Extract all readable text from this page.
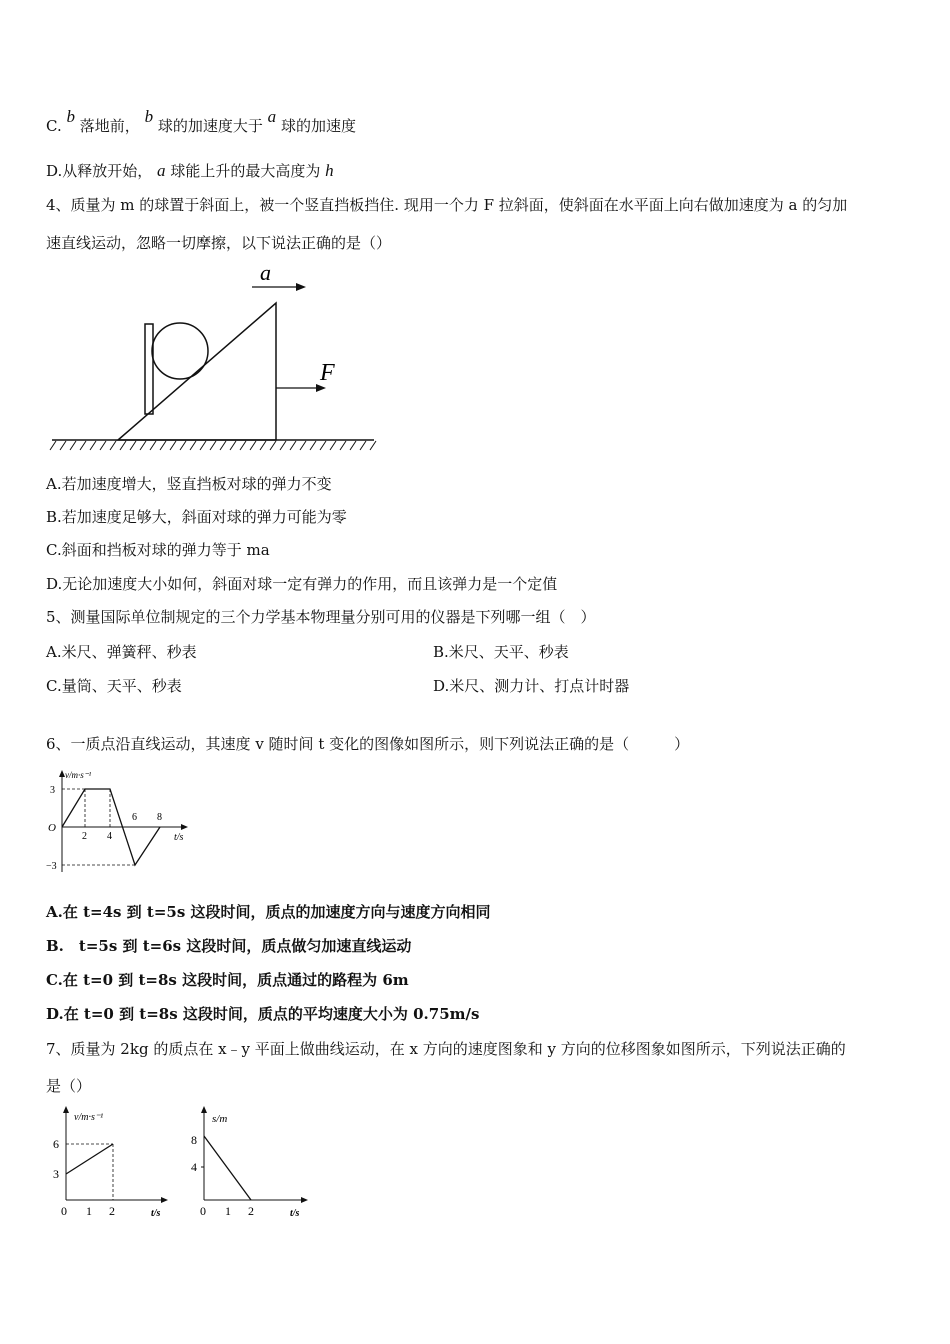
C. b 落地前， b 球的加速度大于 a 球的加速度
D.从释放开始， a 球能上升的最大高度为 h
4、质量为 m 的球置于斜面上，被一个竖直挡板挡住. 现用一个力 F 拉斜面，使斜面在水平面上向右做加速度为 a 的匀加
速直线运动，忽略一切摩擦，以下说法正确的是（）
a
F
A.若加速度增大，竖直挡板对球的弹力不变
B.若加速度足够大，斜面对球的弹力可能为零
C.斜面和挡板对球的弹力等于 ma
D.无论加速度大小如何，斜面对球一定有弹力的作用，而且该弹力是一个定值
5、测量国际单位制规定的三个力学基本物理量分别可用的仪器是下列哪一组（　）
A.米尺、弹簧秤、秒表	B.米尺、天平、秒表
C.量筒、天平、秒表	D.米尺、测力计、打点计时器
6、一质点沿直线运动，其速度 v 随时间 t 变化的图像如图所示，则下列说法正确的是（　　　）
v/m·s⁻¹
t/s
O
3
−3
2 4
6 8
A.在 t=4s 到 t=5s 这段时间，质点的加速度方向与速度方向相同
B.　t=5s 到 t=6s 这段时间，质点做匀加速直线运动
C.在 t=0 到 t=8s 这段时间，质点通过的路程为 6m
D.在 t=0 到 t=8s 这段时间，质点的平均速度大小为 0.75m/s
7、质量为 2kg 的质点在 x﹣y 平面上做曲线运动，在 x 方向的速度图象和 y 方向的位移图象如图所示，下列说法正确的
是（）
v/m·s⁻¹
t/s
6
3
0 1 2
s/m
t/s
8
4
0 1 2
